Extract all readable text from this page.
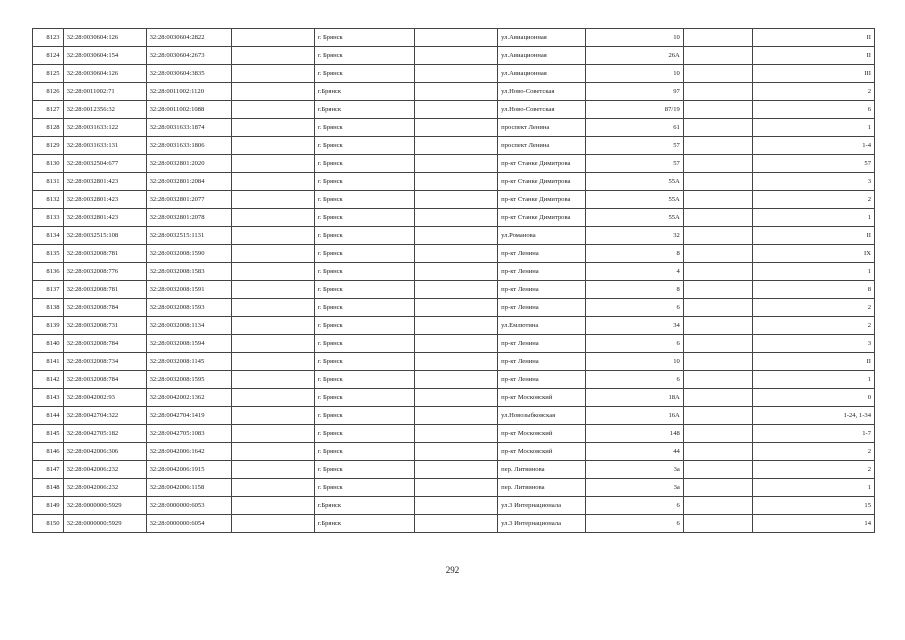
8123	32:28:0030604:126	32:28:0030604:2822		г. Брянск		ул.Авиационная	10		II
8124	32:28:0030604:154	32:28:0030604:2673		г. Брянск		ул.Авиационная	26А		II
8125	32:28:0030604:126	32:28:0030604:3835		г. Брянск		ул.Авиационная	10		III
8126	32:28:0011002:71	32:28:0011002:1120		г.Брянск		ул.Ново-Советская	97		2
8127	32:28:0012356:32	32:28:0011002:1088		г.Брянск		ул.Ново-Советская	87/19		6
8128	32:28:0031633:122	32:28:0031633:1874		г. Брянск		проспект Ленина	61		1
8129	32:28:0031633:131	32:28:0031633:1806		г. Брянск		проспект Ленина	57		1-4
8130	32:28:0032504:677	32:28:0032801:2020		г. Брянск		пр-кт Станке Димитрова	57		57
8131	32:28:0032801:423	32:28:0032801:2084		г. Брянск		пр-кт Станке Димитрова	55А		3
8132	32:28:0032801:423	32:28:0032801:2077		г. Брянск		пр-кт Станке Димитрова	55А		2
8133	32:28:0032801:423	32:28:0032801:2078		г. Брянск		пр-кт Станке Димитрова	55А		1
8134	32:28:0032515:108	32:28:0032515:1131		г. Брянск		ул.Романова	32		II
8135	32:28:0032008:781	32:28:0032008:1590		г. Брянск		пр-кт Ленина	8		IX
8136	32:28:0032008:776	32:28:0032008:1583		г. Брянск		пр-кт Ленина	4		1
8137	32:28:0032008:781	32:28:0032008:1591		г. Брянск		пр-кт Ленина	8		8
8138	32:28:0032008:784	32:28:0032008:1593		г. Брянск		пр-кт Ленина	6		2
8139	32:28:0032008:731	32:28:0032008:1134		г. Брянск		ул.Емлютина	34		2
8140	32:28:0032008:784	32:28:0032008:1594		г. Брянск		пр-кт Ленина	6		3
8141	32:28:0032008:734	32:28:0032008:1145		г. Брянск		пр-кт Ленина	10		II
8142	32:28:0032008:784	32:28:0032008:1595		г. Брянск		пр-кт Ленина	6		1
8143	32:28:0042002:93	32:28:0042002:1362		г. Брянск		пр-кт Московский	18А		0
8144	32:28:0042704:322	32:28:0042704:1419		г. Брянск		ул.Новозыбковская	16А		1-24, 1-34
8145	32:28:0042705:182	32:28:0042705:1083		г. Брянск		пр-кт Московский	148		1-7
8146	32:28:0042006:306	32:28:0042006:1642		г. Брянск		пр-кт Московский	44		2
8147	32:28:0042006:232	32:28:0042006:1915		г. Брянск		пер. Литвинова	3а		2
8148	32:28:0042006:232	32:28:0042006:1158		г. Брянск		пер. Литвинова	3а		1
8149	32:28:0000000:5929	32:28:0000000:6053		г.Брянск		ул.3 Интернационала	6		15
8150	32:28:0000000:5929	32:28:0000000:6054		г.Брянск		ул.3 Интернационала	6		14
292
